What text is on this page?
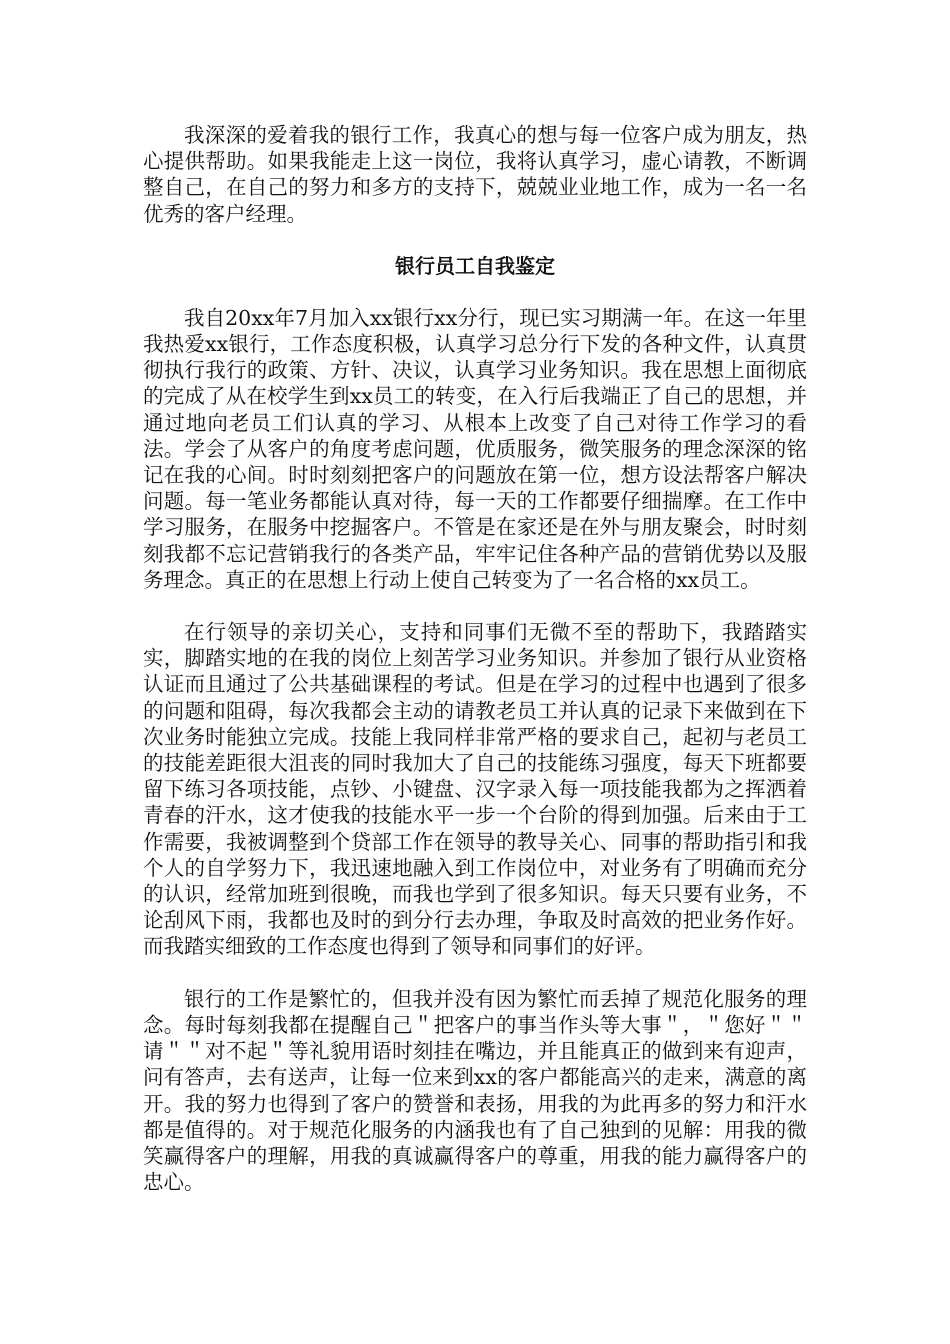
我深深的爱着我的银行工作，我真心的想与每一位客户成为朋友，热心提供帮助。如果我能走上这一岗位，我将认真学习，虚心请教，不断调整自己，在自己的努力和多方的支持下，兢兢业业地工作，成为一名一名优秀的客户经理。

银行员工自我鉴定

我自20xx年7月加入xx银行xx分行，现已实习期满一年。在这一年里我热爱xx银行，工作态度积极，认真学习总分行下发的各种文件，认真贯彻执行我行的政策、方针、决议，认真学习业务知识。我在思想上面彻底的完成了从在校学生到xx员工的转变，在入行后我端正了自己的思想，并通过地向老员工们认真的学习、从根本上改变了自己对待工作学习的看法。学会了从客户的角度考虑问题，优质服务，微笑服务的理念深深的铭记在我的心间。时时刻刻把客户的问题放在第一位，想方设法帮客户解决问题。每一笔业务都能认真对待，每一天的工作都要仔细揣摩。在工作中学习服务，在服务中挖掘客户。不管是在家还是在外与朋友聚会，时时刻刻我都不忘记营销我行的各类产品，牢牢记住各种产品的营销优势以及服务理念。真正的在思想上行动上使自己转变为了一名合格的xx员工。

在行领导的亲切关心，支持和同事们无微不至的帮助下，我踏踏实实，脚踏实地的在我的岗位上刻苦学习业务知识。并参加了银行从业资格认证而且通过了公共基础课程的考试。但是在学习的过程中也遇到了很多的问题和阻碍，每次我都会主动的请教老员工并认真的记录下来做到在下次业务时能独立完成。技能上我同样非常严格的要求自己，起初与老员工的技能差距很大沮丧的同时我加大了自己的技能练习强度，每天下班都要留下练习各项技能，点钞、小键盘、汉字录入每一项技能我都为之挥洒着青春的汗水，这才使我的技能水平一步一个台阶的得到加强。后来由于工作需要，我被调整到个贷部工作在领导的教导关心、同事的帮助指引和我个人的自学努力下，我迅速地融入到工作岗位中，对业务有了明确而充分的认识，经常加班到很晚，而我也学到了很多知识。每天只要有业务，不论刮风下雨，我都也及时的到分行去办理，争取及时高效的把业务作好。而我踏实细致的工作态度也得到了领导和同事们的好评。

银行的工作是繁忙的，但我并没有因为繁忙而丢掉了规范化服务的理念。每时每刻我都在提醒自己＂把客户的事当作头等大事＂，＂您好＂＂请＂＂对不起＂等礼貌用语时刻挂在嘴边，并且能真正的做到来有迎声，问有答声，去有送声，让每一位来到xx的客户都能高兴的走来，满意的离开。我的努力也得到了客户的赞誉和表扬，用我的为此再多的努力和汗水都是值得的。对于规范化服务的内涵我也有了自己独到的见解：用我的微笑赢得客户的理解，用我的真诚赢得客户的尊重，用我的能力赢得客户的忠心。
